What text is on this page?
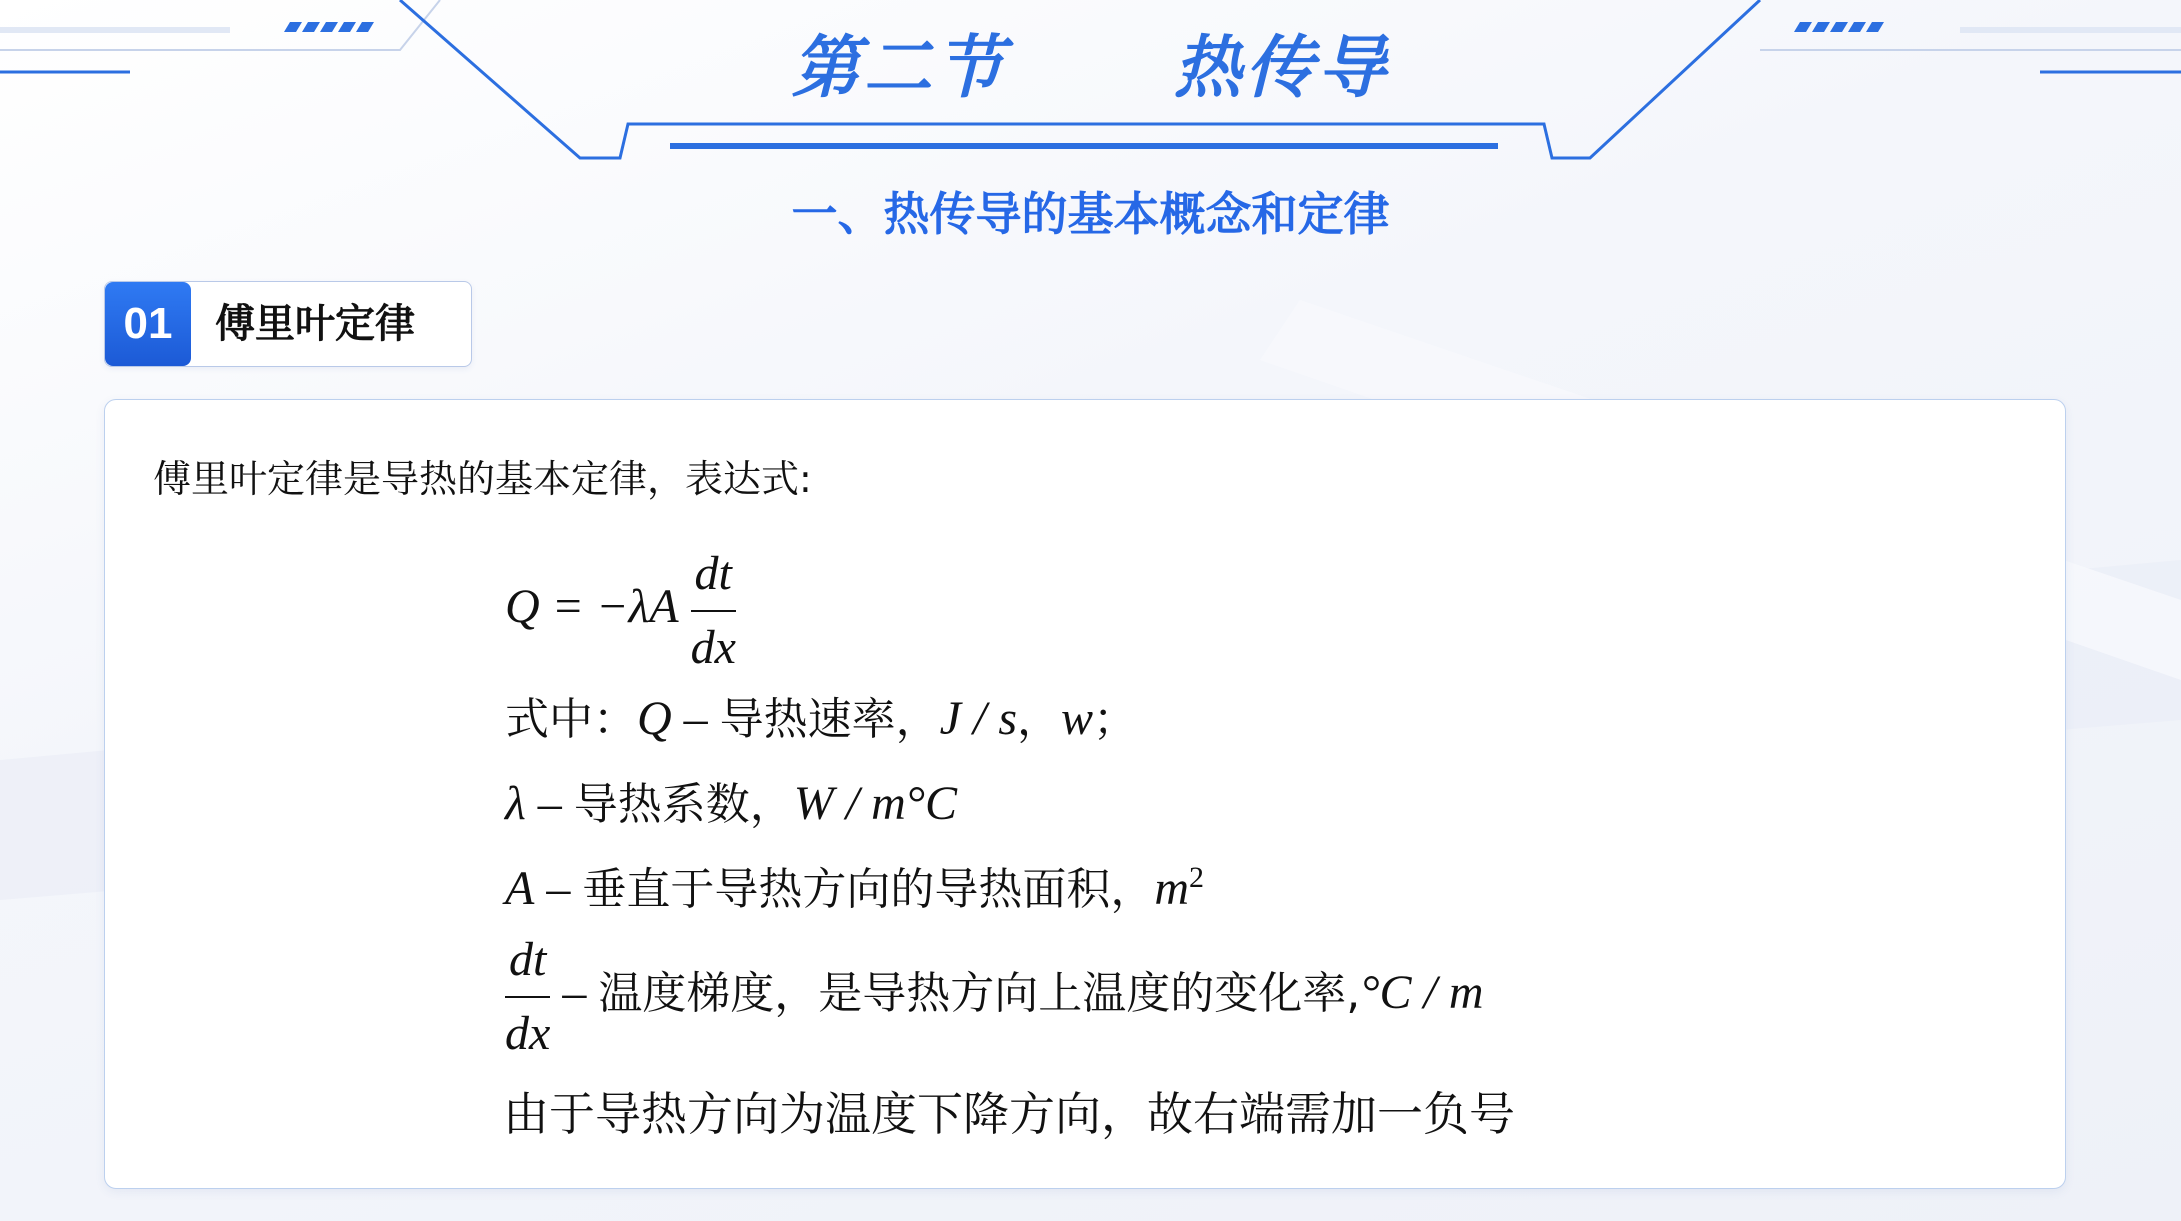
第二节      热传导
一、热传导的基本概念和定律
01	傅里叶定律
傅里叶定律是导热的基本定律，表达式:
$Q = -\lambda A \frac{dt}{dx}$
式中：Q – 导热速率，J / s，w；
λ – 导热系数，W / m°C
A – 垂直于导热方向的导热面积，$m^2$
$\frac{dt}{dx}$ – 温度梯度，是导热方向上温度的变化率,°C / m
由于导热方向为温度下降方向，故右端需加一负号
